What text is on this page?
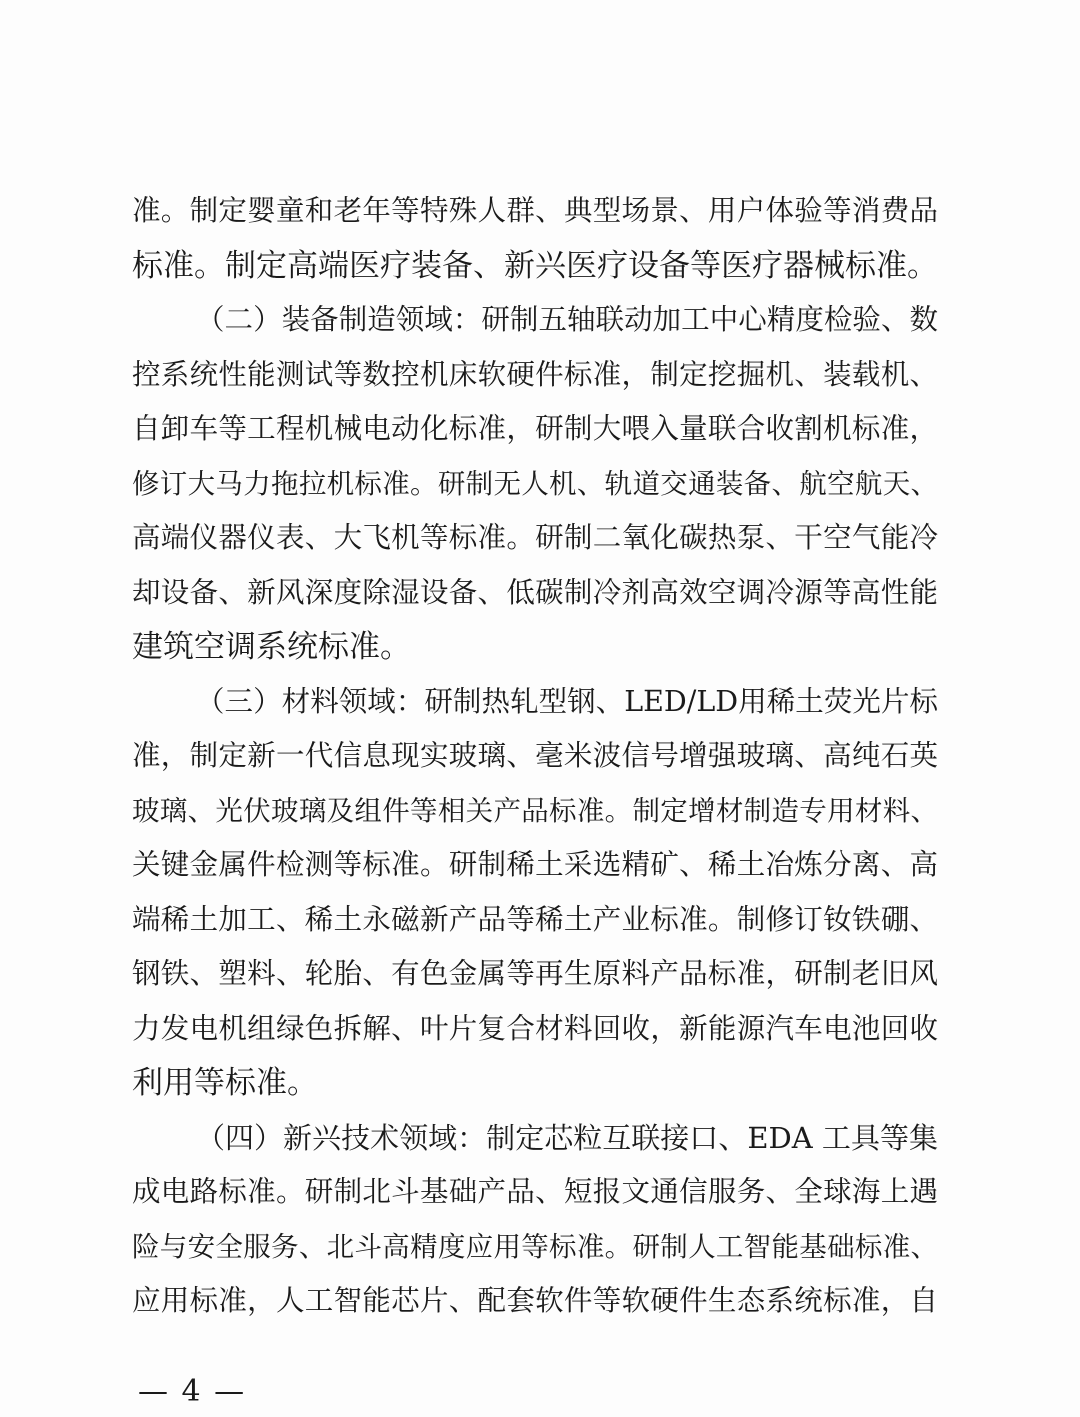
准。制定婴童和老年等特殊人群、典型场景、用户体验等消费品
标准。制定高端医疗装备、新兴医疗设备等医疗器械标准。
（二）装备制造领域：研制五轴联动加工中心精度检验、数
控系统性能测试等数控机床软硬件标准，制定挖掘机、装载机、
自卸车等工程机械电动化标准，研制大喂入量联合收割机标准，
修订大马力拖拉机标准。研制无人机、轨道交通装备、航空航天、
高端仪器仪表、大飞机等标准。研制二氧化碳热泵、干空气能冷
却设备、新风深度除湿设备、低碳制冷剂高效空调冷源等高性能
建筑空调系统标准。
（三）材料领域：研制热轧型钢、LED/LD用稀土荧光片标
准，制定新一代信息现实玻璃、毫米波信号增强玻璃、高纯石英
玻璃、光伏玻璃及组件等相关产品标准。制定增材制造专用材料、
关键金属件检测等标准。研制稀土采选精矿、稀土冶炼分离、高
端稀土加工、稀土永磁新产品等稀土产业标准。制修订钕铁硼、
钢铁、塑料、轮胎、有色金属等再生原料产品标准，研制老旧风
力发电机组绿色拆解、叶片复合材料回收，新能源汽车电池回收
利用等标准。
（四）新兴技术领域：制定芯粒互联接口、EDA 工具等集
成电路标准。研制北斗基础产品、短报文通信服务、全球海上遇
险与安全服务、北斗高精度应用等标准。研制人工智能基础标准、
应用标准，人工智能芯片、配套软件等软硬件生态系统标准，自
— 4 —
